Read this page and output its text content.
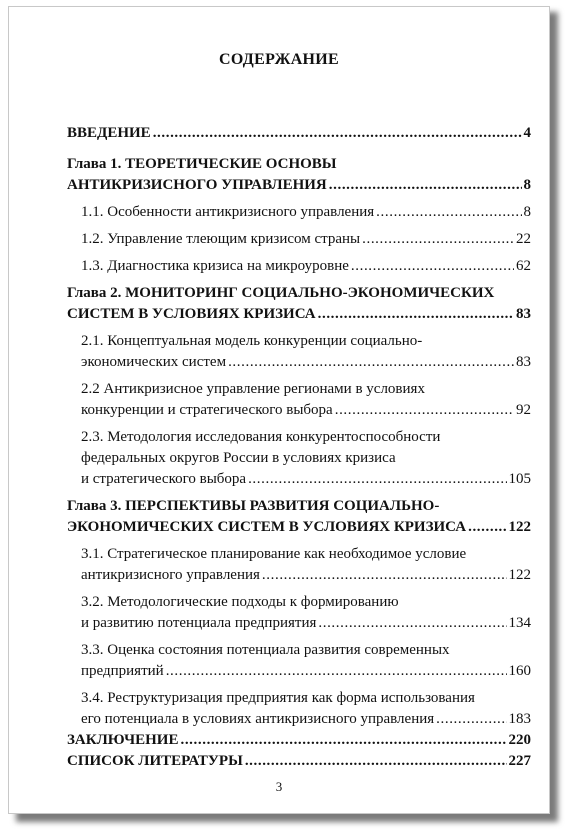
СОДЕРЖАНИЕ
ВВЕДЕНИЕ .....	4
Глава 1. ТЕОРЕТИЧЕСКИЕ ОСНОВЫ
АНТИКРИЗИСНОГО УПРАВЛЕНИЯ .....	8
1.1. Особенности антикризисного управления .....	8
1.2. Управление тлеющим кризисом страны .....	22
1.3. Диагностика кризиса на микроуровне .....	62
Глава 2. МОНИТОРИНГ СОЦИАЛЬНО-ЭКОНОМИЧЕСКИХ
СИСТЕМ В УСЛОВИЯХ КРИЗИСА .....	83
2.1. Концептуальная модель конкуренции социально-
экономических систем .....	83
2.2 Антикризисное управление регионами в условиях
конкуренции и стратегического выбора .....	92
2.3. Методология исследования конкурентоспособности
федеральных округов России в условиях кризиса
и стратегического выбора .....	105
Глава 3. ПЕРСПЕКТИВЫ РАЗВИТИЯ СОЦИАЛЬНО-
ЭКОНОМИЧЕСКИХ СИСТЕМ В УСЛОВИЯХ КРИЗИСА .....	122
3.1. Стратегическое планирование как необходимое условие
антикризисного управления .....	122
3.2. Методологические подходы к формированию
и развитию потенциала предприятия .....	134
3.3. Оценка состояния потенциала развития современных
предприятий .....	160
3.4. Реструктуризация предприятия как форма использования
его потенциала в условиях антикризисного управления .....	183
ЗАКЛЮЧЕНИЕ .....	220
СПИСОК ЛИТЕРАТУРЫ .....	227
3
